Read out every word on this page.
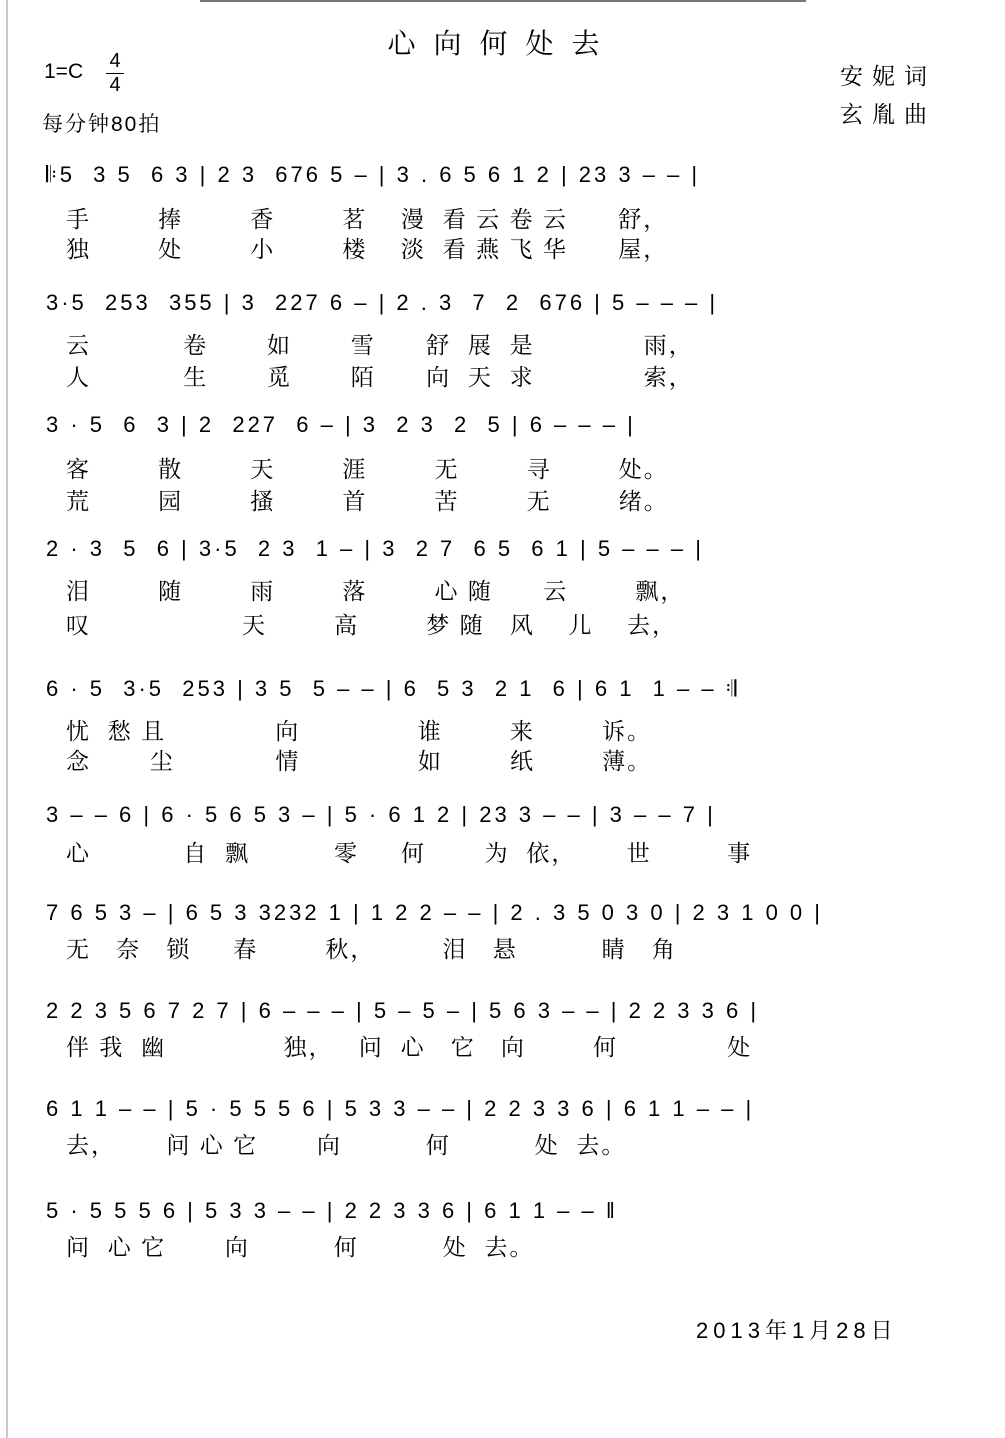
心向何处去
$1=C \frac{4}{4}$
每分钟80拍
安妮词
玄胤曲
𝄆5  3 5  6 3 | 2 3  676 5 – | 3 . 6 5 6 1 2 | 23 3 – – |
手        捧        香        茗    漫  看 云 卷 云      舒，
独        处        小        楼    淡  看 燕 飞 华      屋，
3·5  253  355 | 3  227 6 – | 2 . 3  7  2  676 | 5 – – – |
云           卷       如       雪      舒  展  是             雨，
人           生       觅       陌      向  天  求             索，
3 · 5  6  3 | 2  227  6 – | 3  2 3  2  5 | 6 – – – |
客        散        天        涯        无        寻        处。
荒        园        搔        首        苦        无        绪。
2 · 3  5  6 | 3·5  2 3  1 – | 3  2 7  6 5  6 1 | 5 – – – |
泪        随        雨        落        心 随      云        飘，
叹                  天        高        梦 随   风    儿    去，
6 · 5  3·5  253 | 3 5  5 – – | 6  5 3  2 1  6 | 6 1  1 – – 𝄇
忧  愁 且             向              谁        来        诉。
念       尘            情              如        纸        薄。
3 – – 6 | 6 · 5 6 5 3 – | 5 · 6 1 2 | 23 3 – – | 3 – – 7 |
心           自  飘          零     何       为  依，      世         事
7 6 5 3 – | 6 5 3 3232 1 | 1 2 2 – – | 2 . 3 5 0 3 0 | 2 3 1 0 0 |
无   奈   锁     春        秋，        泪   悬          睛   角
2 2 3 5 6 7 2 7 | 6 – – – | 5 – 5 – | 5 6 3 – – | 2 2 3 3 6 |
伴 我  幽              独，   问  心   它   向        何             处
6 1 1 – – | 5 · 5 5 5 6 | 5 3 3 – – | 2 2 3 3 6 | 6 1 1 – – |
去，      问 心 它       向          何          处  去。
5 · 5 5 5 6 | 5 3 3 – – | 2 2 3 3 6 | 6 1 1 – – ‖
问  心 它       向          何          处  去。
2013年1月28日
